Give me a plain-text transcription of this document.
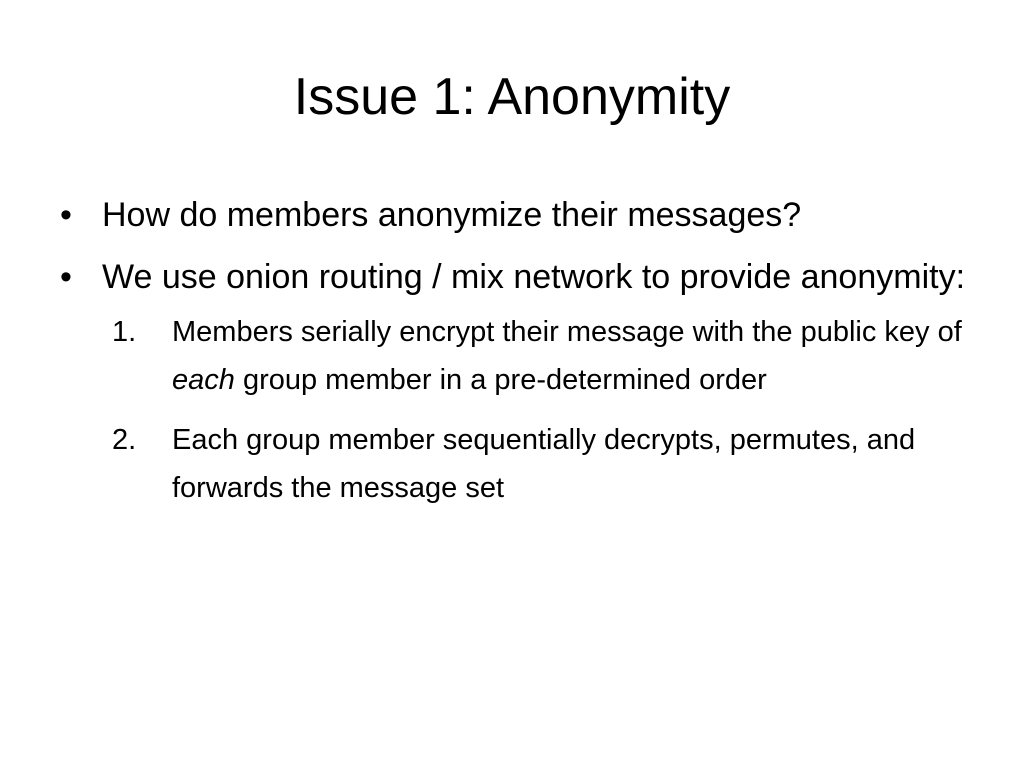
Issue 1: Anonymity
• How do members anonymize their messages?
• We use onion routing / mix network to provide anonymity:
1.	Members serially encrypt their message with the public key of each group member in a pre-determined order
2.	Each group member sequentially decrypts, permutes, and forwards the message set
